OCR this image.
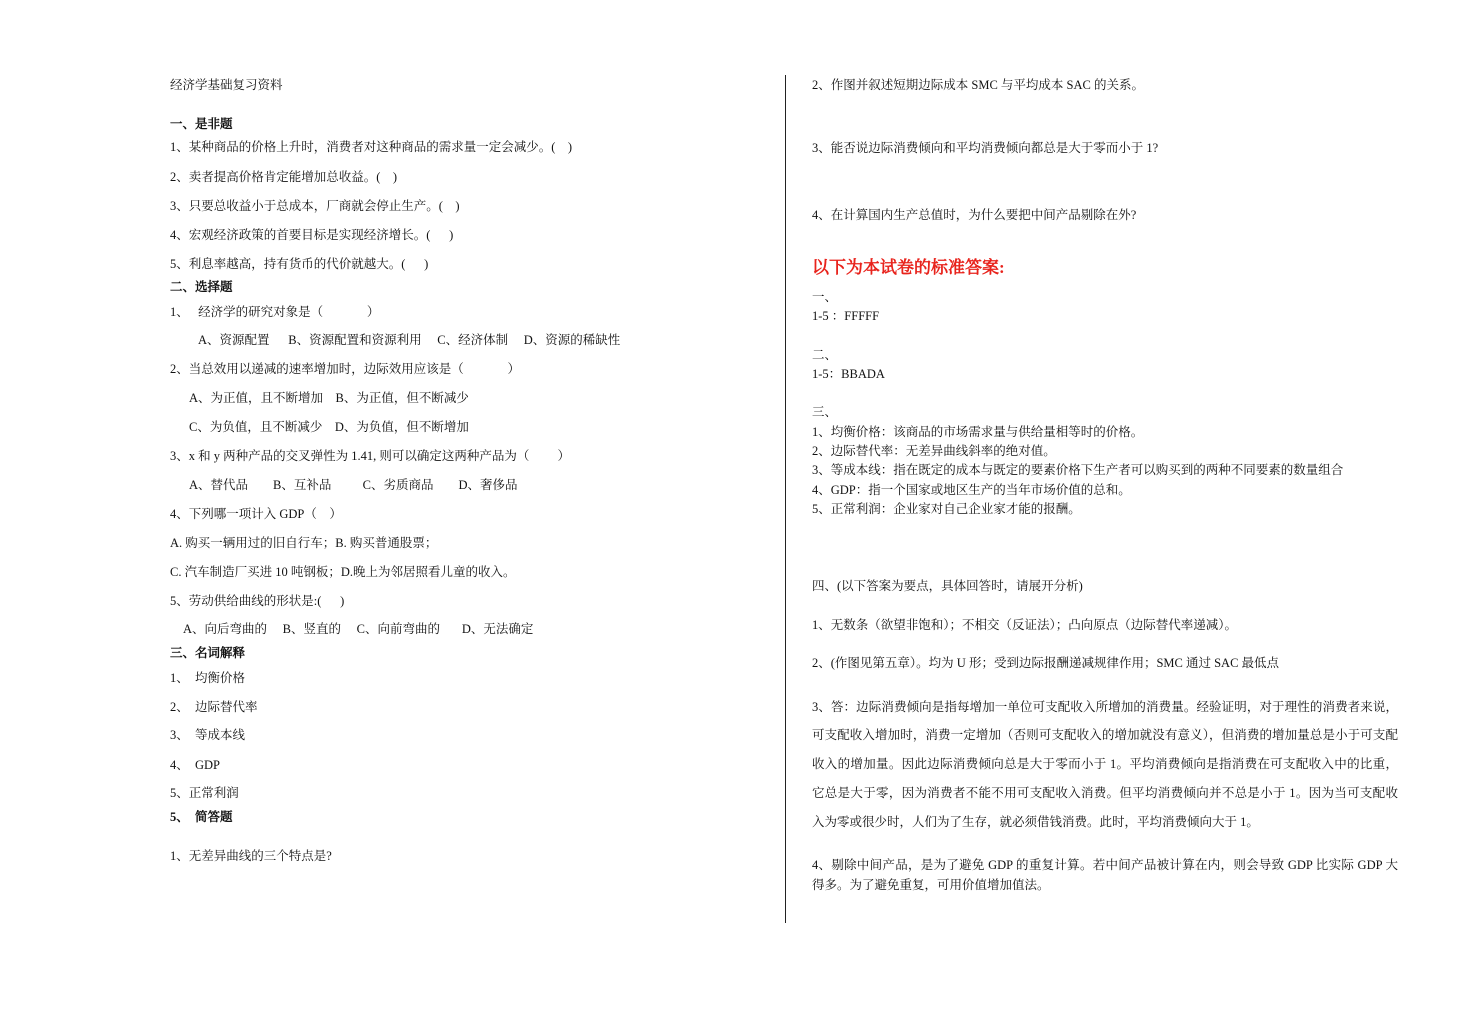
经济学基础复习资料
一、是非题
1、某种商品的价格上升时，消费者对这种商品的需求量一定会减少。(    )
2、卖者提高价格肯定能增加总收益。(    )
3、只要总收益小于总成本，厂商就会停止生产。(    )
4、宏观经济政策的首要目标是实现经济增长。(      )
5、利息率越高，持有货币的代价就越大。(      )
二、选择题
1、   经济学的研究对象是（              ）
A、资源配置      B、资源配置和资源利用     C、经济体制     D、资源的稀缺性
2、当总效用以递减的速率增加时，边际效用应该是（              ）
A、为正值，且不断增加    B、为正值，但不断减少
C、为负值，且不断减少    D、为负值，但不断增加
3、x 和 y 两种产品的交叉弹性为 1.41, 则可以确定这两种产品为（         ）
A、替代品        B、互补品          C、劣质商品        D、奢侈品
4、下列哪一项计入 GDP（    ）
A. 购买一辆用过的旧自行车；B. 购买普通股票；
C. 汽车制造厂买进 10 吨钢板；D.晚上为邻居照看儿童的收入。
5、劳动供给曲线的形状是:(      )
A、向后弯曲的     B、竖直的     C、向前弯曲的       D、无法确定
三、名词解释
1、  均衡价格
2、  边际替代率
3、  等成本线
4、  GDP
5、正常利润
5、  简答题
1、无差异曲线的三个特点是?
2、作图并叙述短期边际成本 SMC 与平均成本 SAC 的关系。
3、能否说边际消费倾向和平均消费倾向都总是大于零而小于 1?
4、在计算国内生产总值时，为什么要把中间产品剔除在外?
以下为本试卷的标准答案:
一、
1-5 ：FFFFF
二、
1-5：BBADA
三、
1、均衡价格：该商品的市场需求量与供给量相等时的价格。
2、边际替代率：无差异曲线斜率的绝对值。
3、等成本线：指在既定的成本与既定的要素价格下生产者可以购买到的两种不同要素的数量组合
4、GDP：指一个国家或地区生产的当年市场价值的总和。
5、正常利润：企业家对自己企业家才能的报酬。
四、(以下答案为要点，具体回答时，请展开分析)
1、无数条（欲望非饱和）；不相交（反证法）；凸向原点（边际替代率递减）。
2、(作图见第五章）。均为 U 形；受到边际报酬递减规律作用；SMC 通过 SAC 最低点
3、答：边际消费倾向是指每增加一单位可支配收入所增加的消费量。经验证明，对于理性的消费者来说，
可支配收入增加时，消费一定增加（否则可支配收入的增加就没有意义），但消费的增加量总是小于可支配
收入的增加量。因此边际消费倾向总是大于零而小于 1。平均消费倾向是指消费在可支配收入中的比重，
它总是大于零，因为消费者不能不用可支配收入消费。但平均消费倾向并不总是小于 1。因为当可支配收
入为零或很少时，人们为了生存，就必须借钱消费。此时，平均消费倾向大于 1。
4、剔除中间产品，是为了避免 GDP 的重复计算。若中间产品被计算在内，则会导致 GDP 比实际 GDP 大
得多。为了避免重复，可用价值增加值法。
